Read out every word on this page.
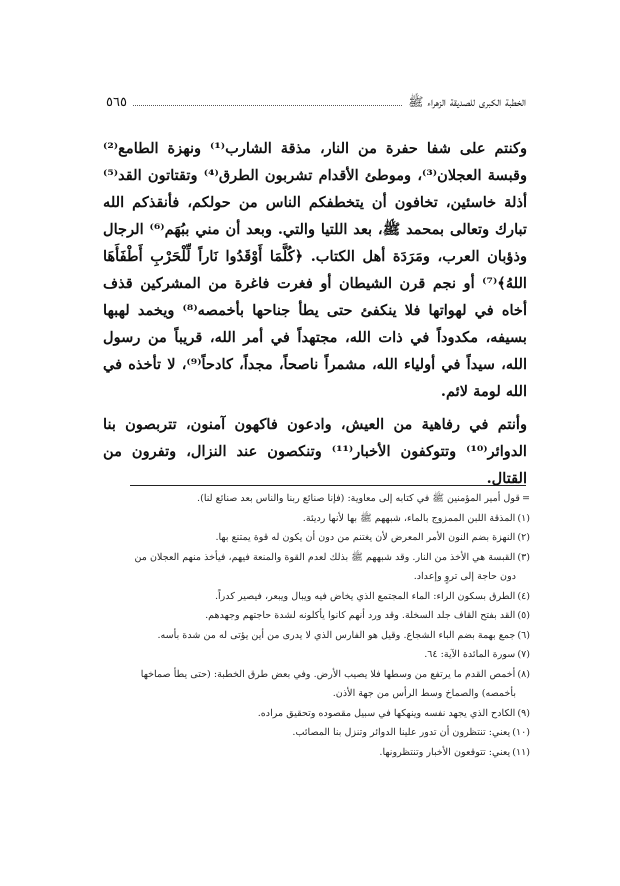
الخطبة الكبرى للصديقة الزهراء ﷺ
٥٦٥

وكنتم على شفا حفرة من النار، مذقة الشارب⁽¹⁾ ونهزة الطامع⁽²⁾ وقبسة العجلان⁽³⁾، وموطئ الأقدام تشربون الطرق⁽⁴⁾ وتقتاتون القد⁽⁵⁾ أذلة خاسئين، تخافون أن يتخطفكم الناس من حولكم، فأنقذكم الله تبارك وتعالى بمحمد ﷺ، بعد اللتيا والتي. وبعد أن مني ببُهَم⁽⁶⁾ الرجال وذؤبان العرب، ومَرَدَة أهل الكتاب. ﴿كُلَّمَا أَوْقَدُوا نَاراً لِّلْحَرْبِ أَطْفَأَهَا اللهُ﴾⁽⁷⁾ أو نجم قرن الشيطان أو فغرت فاغرة من المشركين قذف أخاه في لهواتها فلا ينكفئ حتى يطأ جناحها بأخمصه⁽⁸⁾ ويخمد لهبها بسيفه، مكدوداً في ذات الله، مجتهداً في أمر الله، قريباً من رسول الله، سيداً في أولياء الله، مشمراً ناصحاً، مجداً، كادحاً⁽⁹⁾، لا تأخذه في الله لومة لائم.

وأنتم في رفاهية من العيش، وادعون فاكهون آمنون، تتربصون بنا الدوائر⁽¹⁰⁾ وتتوكفون الأخبار⁽¹¹⁾ وتنكصون عند النزال، وتفرون من القتال.

=قول أمير المؤمنين ﷺ في كتابه إلى معاوية: (فإنا صنائع ربنا والناس بعد صنائع لنا).

(١)المذقة اللبن الممزوج بالماء، شبههم ﷺ بها لأنها رديئة.

(٢)النهزة بضم النون الأمر المعرض لأن يغتنم من دون أن يكون له قوة يمتنع بها.

(٣)القبسة هي الأخذ من النار. وقد شبههم ﷺ بذلك لعدم القوة والمنعة فيهم، فيأخذ منهم العجلان من

دون حاجة إلى تروٍ وإعداد.

(٤)الطرق بسكون الراء: الماء المجتمع الذي يخاض فيه ويبال ويبعر، فيصير كدراً.

(٥)القد بفتح القاف جلد السخلة. وقد ورد أنهم كانوا يأكلونه لشدة حاجتهم وجهدهم.

(٦)جمع بهمة بضم الباء الشجاع. وقيل هو الفارس الذي لا يدرى من أين يؤتى له من شدة بأسه.

(٧)سورة المائدة الآية: ٦٤.

(٨)أخمص القدم ما يرتفع من وسطها فلا يصيب الأرض. وفي بعض طرق الخطبة: (حتى يطأ صماخها

بأخمصه) والصماخ وسط الرأس من جهة الأذن.

(٩)الكادح الذي يجهد نفسه وينهكها في سبيل مقصوده وتحقيق مراده.

(١٠)يعني: تنتظرون أن تدور علينا الدوائر وتنزل بنا المصائب.

(١١)يعني: تتوقعون الأخبار وتنتظرونها.
